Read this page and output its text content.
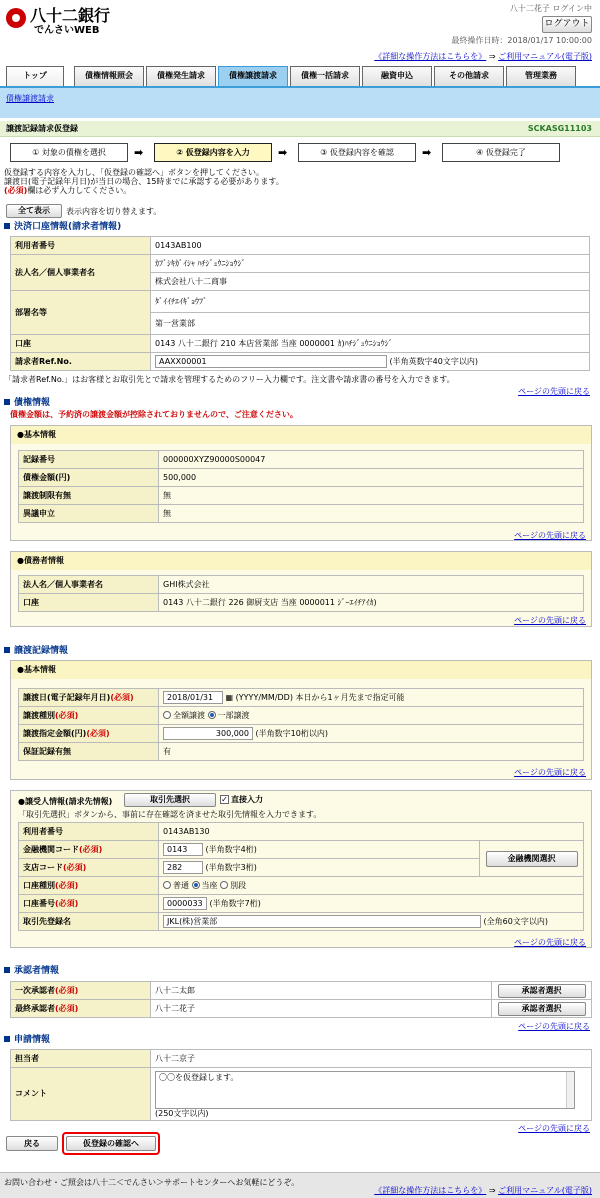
八十二銀行
でんさいWEB
八十二花子 ログイン中
ログアウト
最終操作日時：2018/01/17 10:00:00
《詳細な操作方法はこちらを》 ⇒ ご利用マニュアル(電子版)
トップ	債権情報照会	債権発生請求	債権譲渡請求	債権一括請求	融資申込	その他請求	管理業務
債権譲渡請求
譲渡記録請求仮登録	SCKASG11103
① 対象の債権を選択	➡	② 仮登録内容を入力	➡	③ 仮登録内容を確認	➡	④ 仮登録完了
仮登録する内容を入力し、「仮登録の確認へ」ボタンを押してください。
譲渡日(電子記録年月日)が当日の場合、15時までに承認する必要があります。
(必須)欄は必ず入力してください。
全て表示	表示内容を切り替えます。
決済口座情報(請求者情報)
利用者番号	0143AB100
法人名／個人事業者名	ｶﾌﾞｼｷｶﾞｲｼｬ ﾊﾁｼﾞｭｳﾆｼｮｳｼﾞ
	株式会社八十二商事
部署名等	ﾀﾞｲｲﾁｴｲｷﾞｮｳﾌﾞ
	第一営業部
口座	0143 八十二銀行 210 本店営業部 当座 0000001 ｶ)ﾊﾁｼﾞｭｳﾆｼｮｳｼﾞ
請求者Ref.No.	AAXX00001 (半角英数字40文字以内)
「請求者Ref.No.」はお客様とお取引先とで請求を管理するためのフリー入力欄です。注文書や請求書の番号を入力できます。
ページの先頭に戻る
債権情報
債権金額は、予約済の譲渡金額が控除されておりませんので、ご注意ください。
●基本情報
記録番号	000000XYZ90000S00047
債権金額(円)	500,000
譲渡制限有無	無
異議申立	無
ページの先頭に戻る
●債務者情報
法人名／個人事業者名	GHI株式会社
口座	0143 八十二銀行 226 御厨支店 当座 0000011 ｼﾞｰｴｲﾁｱｲｶ)
ページの先頭に戻る
譲渡記録情報
●基本情報
譲渡日(電子記録年月日)(必須)	2018/01/31 ▦ (YYYY/MM/DD) 本日から1ヶ月先まで指定可能
譲渡種別(必須)	全額譲渡 一部譲渡
譲渡指定金額(円)(必須)	300,000 (半角数字10桁以内)
保証記録有無	有
ページの先頭に戻る
●譲受人情報(請求先情報)	取引先選択	✓ 直接入力
「取引先選択」ボタンから、事前に存在確認を済ませた取引先情報を入力できます。
利用者番号	0143AB130	
金融機関コード(必須)	0143 (半角数字4桁)	金融機関選択
支店コード(必須)	282 (半角数字3桁)	
口座種別(必須)	普通 当座 別段	
口座番号(必須)	0000033 (半角数字7桁)	
取引先登録名	JKL(株)営業部 (全角60文字以内)	
ページの先頭に戻る
承認者情報
一次承認者(必須)	八十二太郎	承認者選択
最終承認者(必須)	八十二花子	承認者選択
ページの先頭に戻る
申請情報
担当者	八十二京子
コメント	〇〇を仮登録します。
(250文字以内)
ページの先頭に戻る
戻る	仮登録の確認へ
お問い合わせ・ご照会は八十二＜でんさい＞サポートセンターへお気軽にどうぞ。
《詳細な操作方法はこちらを》 ⇒ ご利用マニュアル(電子版)
